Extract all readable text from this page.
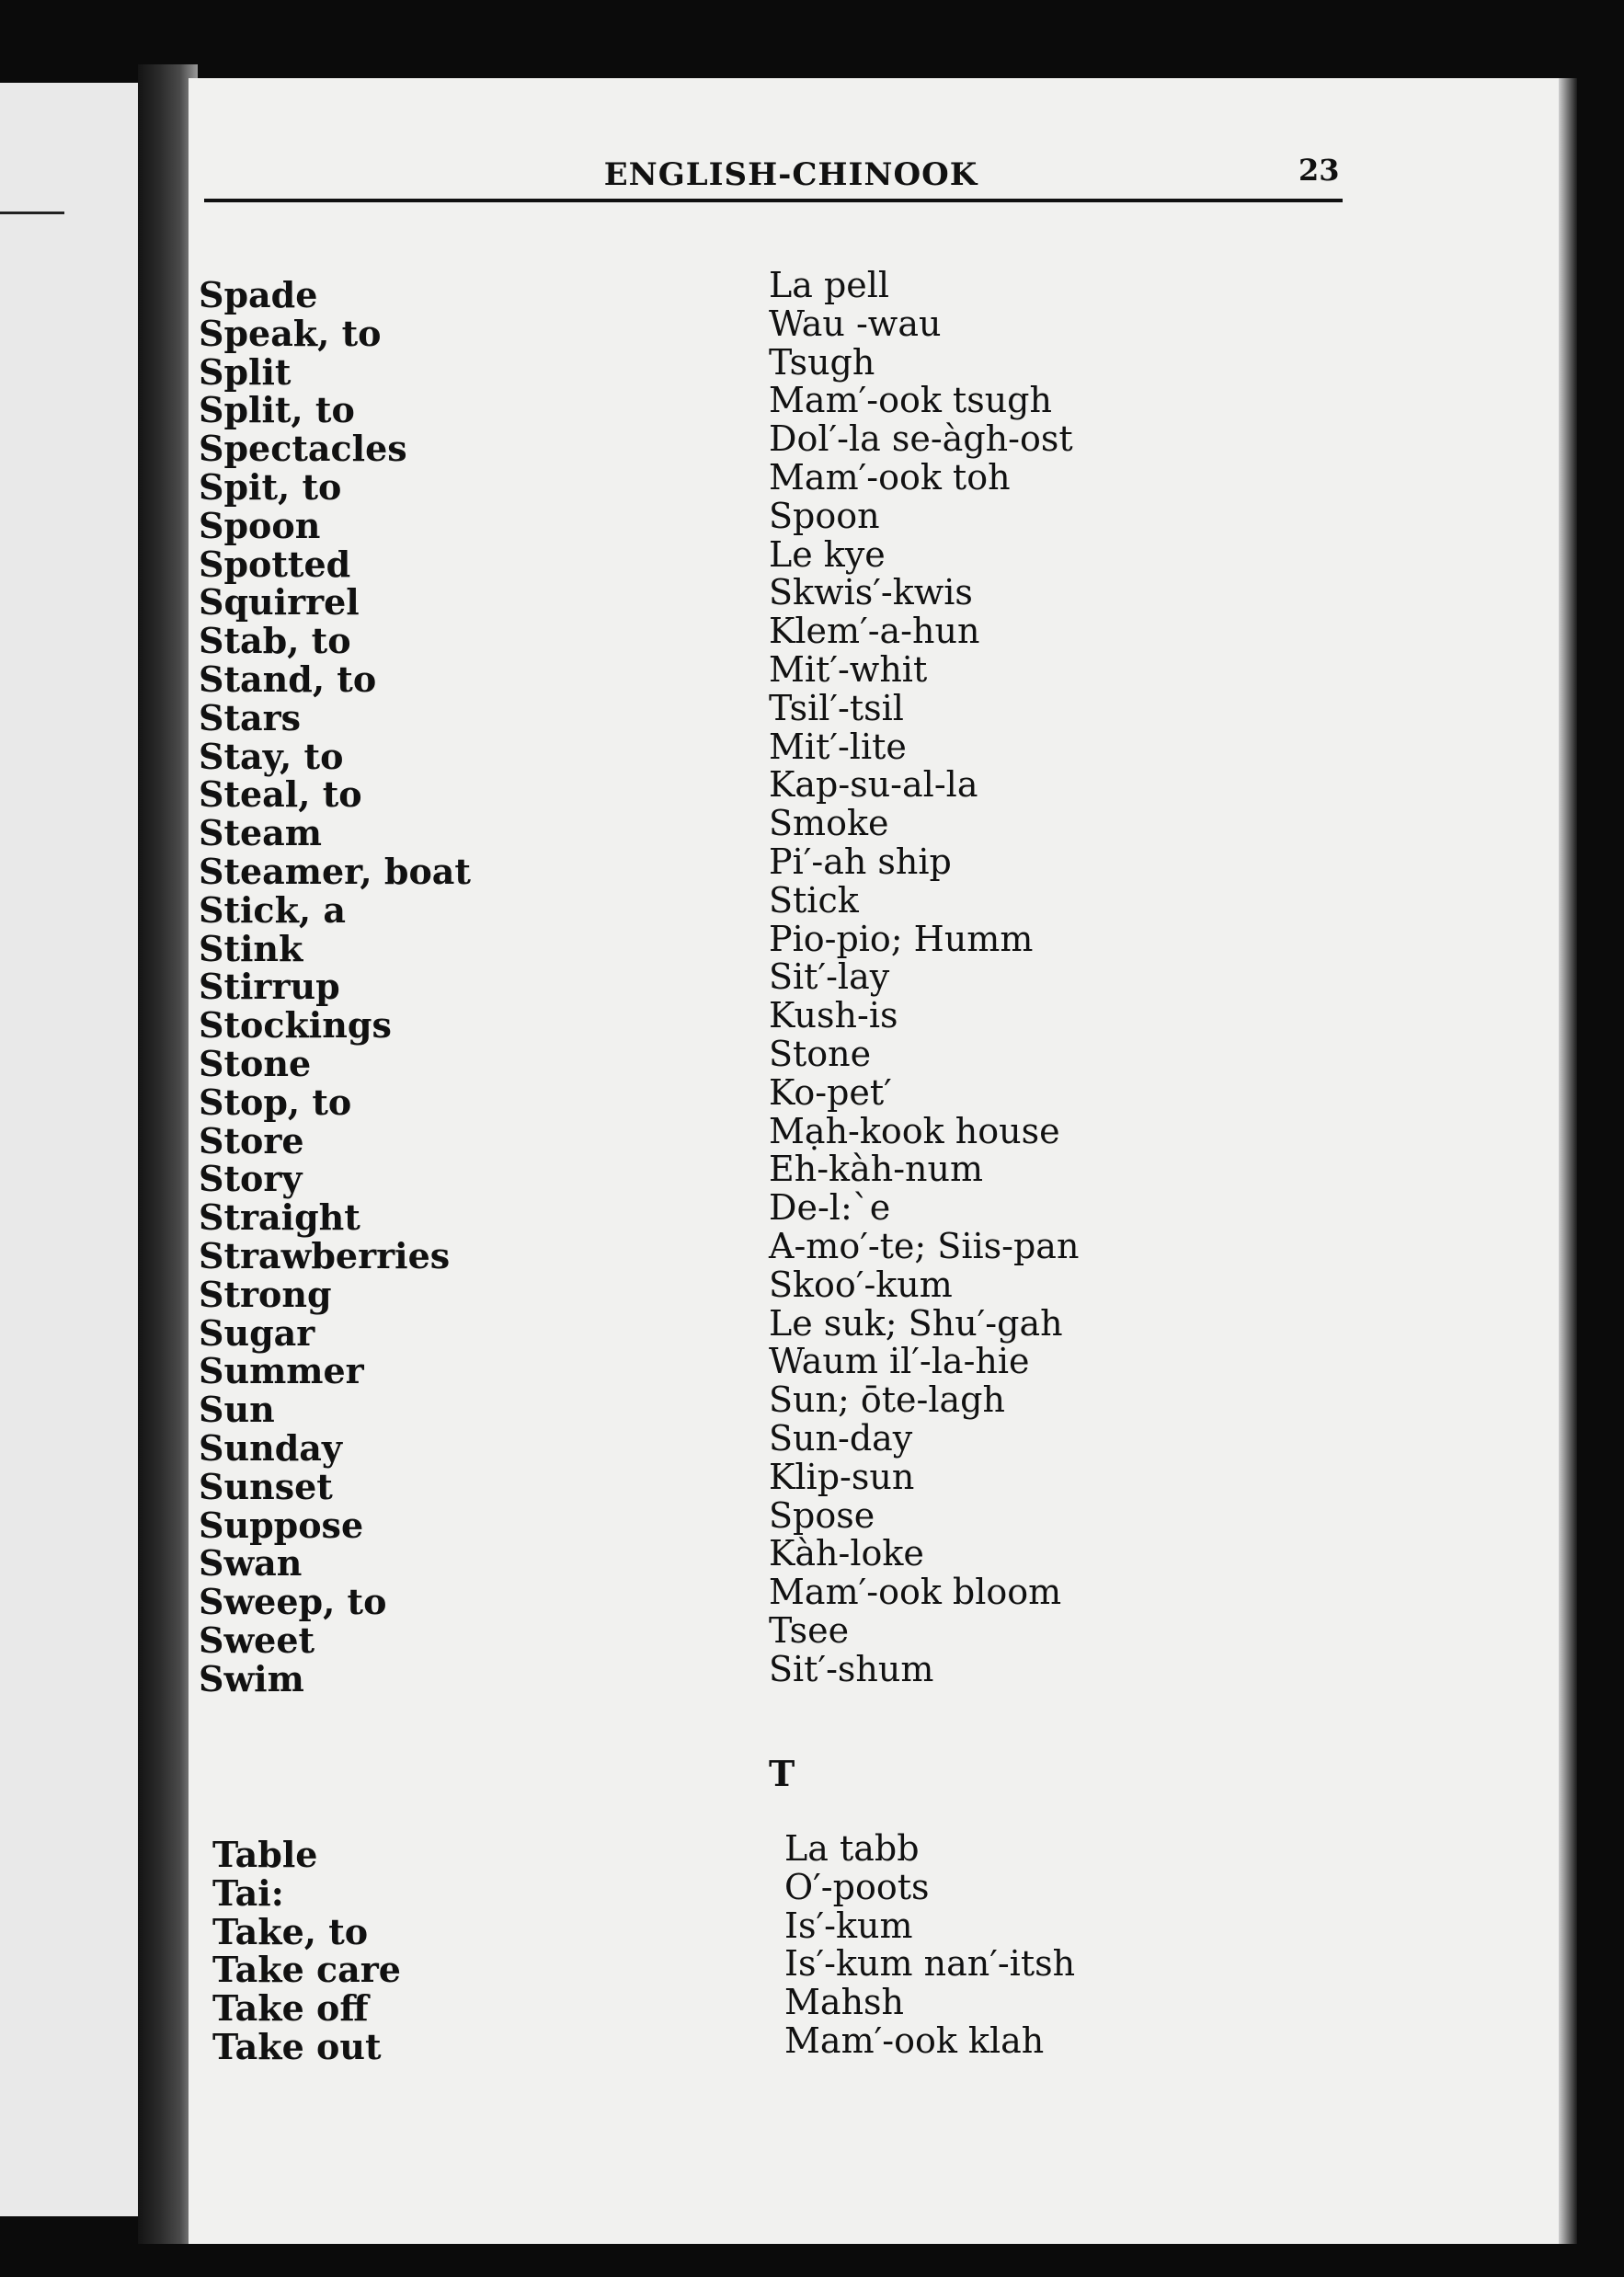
ENGLISH-CHINOOK	23
Spade
Speak, to
Split
Split, to
Spectacles
Spit, to
Spoon
Spotted
Squirrel
Stab, to
Stand, to
Stars
Stay, to
Steal, to
Steam
Steamer, boat
Stick, a
Stink
Stirrup
Stockings
Stone
Stop, to
Store
Story
Straight
Strawberries
Strong
Sugar
Summer
Sun
Sunday
Sunset
Suppose
Swan
Sweep, to
Sweet
Swim
La pell
Wau -wau
Tsugh
Mam′-ook tsugh
Dol′-la se-àgh-ost
Mam′-ook toh
Spoon
Le kye
Skwis′-kwis
Klem′-a-hun
Mit′-whit
Tsil′-tsil
Mit′-lite
Kap-su-al-la
Smoke
Pi′-ah ship
Stick
Pio-pio; Humm
Sit′-lay
Kush-is
Stone
Ko-pet′
Mạh-kook house
Eh-kàh-num
De-l:`e
A-mo′-te; Siis-pan
Skoo′-kum
Le suk; Shu′-gah
Waum il′-la-hie
Sun; ōte-lagh
Sun-day
Klip-sun
Spose
Kàh-loke
Mam′-ook bloom
Tsee
Sit′-shum
T
Table
Tai:
Take, to
Take care
Take off
Take out
La tabb
O′-poots
Is′-kum
Is′-kum nan′-itsh
Mahsh
Mam′-ook klah
